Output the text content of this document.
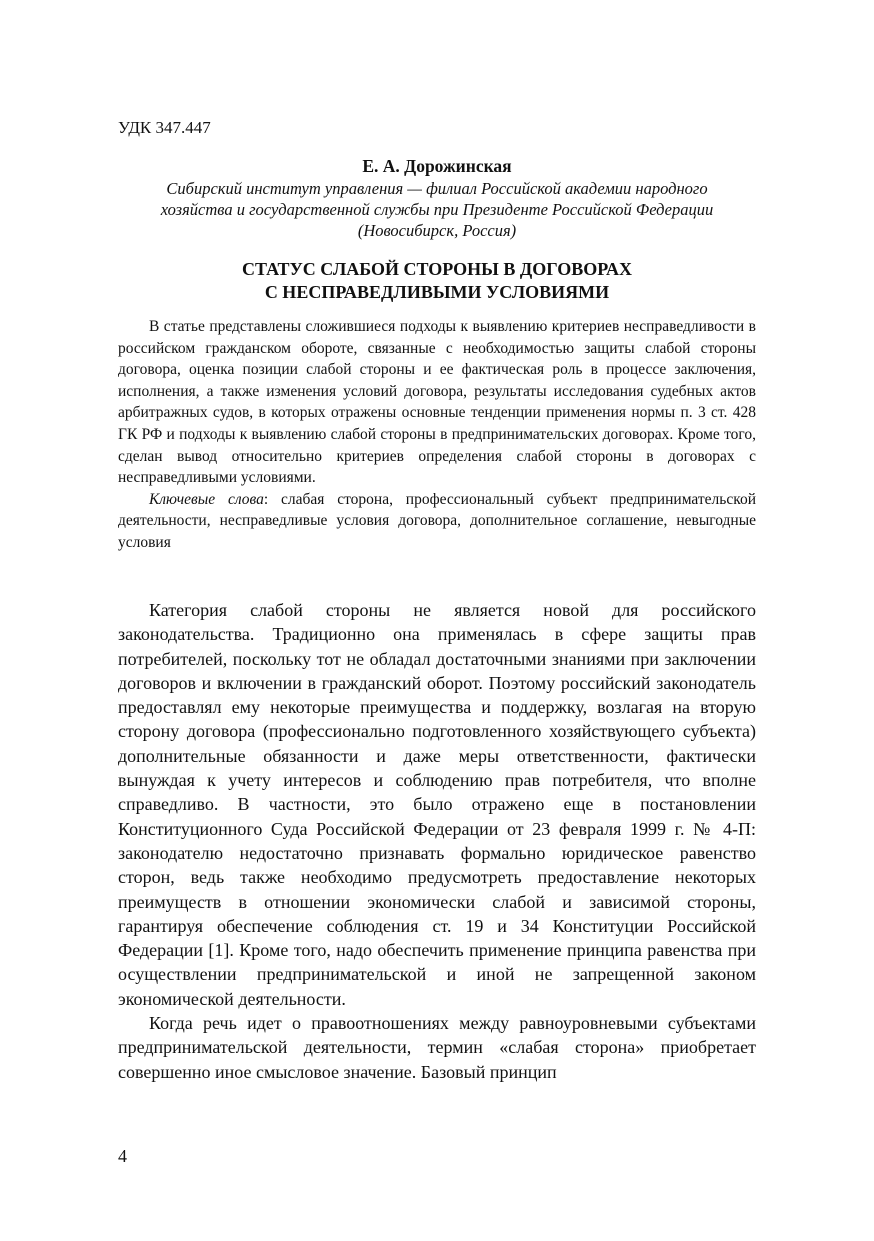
УДК 347.447
Е. А. Дорожинская
Сибирский институт управления — филиал Российской академии народного
хозяйства и государственной службы при Президенте Российской Федерации
(Новосибирск, Россия)
СТАТУС СЛАБОЙ СТОРОНЫ В ДОГОВОРАХ
С НЕСПРАВЕДЛИВЫМИ УСЛОВИЯМИ

В статье представлены сложившиеся подходы к выявлению критериев несправедливости в российском гражданском обороте, связанные с необходимостью защиты слабой стороны договора, оценка позиции слабой стороны и ее фактическая роль в процессе заключения, исполнения, а также изменения условий договора, результаты исследования судебных актов арбитражных судов, в которых отражены основные тенденции применения нормы п. 3 ст. 428 ГК РФ и подходы к выявлению слабой стороны в предпринимательских договорах. Кроме того, сделан вывод относительно критериев определения слабой стороны в договорах с несправедливыми условиями.

Ключевые слова: слабая сторона, профессиональный субъект предпринимательской деятельности, несправедливые условия договора, дополнительное соглашение, невыгодные условия

Категория слабой стороны не является новой для российского законодательства. Традиционно она применялась в сфере защиты прав потребителей, поскольку тот не обладал достаточными знаниями при заключении договоров и включении в гражданский оборот. Поэтому российский законодатель предоставлял ему некоторые преимущества и поддержку, возлагая на вторую сторону договора (профессионально подготовленного хозяйствующего субъекта) дополнительные обязанности и даже меры ответственности, фактически вынуждая к учету интересов и соблюдению прав потребителя, что вполне справедливо. В частности, это было отражено еще в постановлении Конституционного Суда Российской Федерации от 23 февраля 1999 г. № 4-П: законодателю недостаточно признавать формально юридическое равенство сторон, ведь также необходимо предусмотреть предоставление некоторых преимуществ в отношении экономически слабой и зависимой стороны, гарантируя обеспечение соблюдения ст. 19 и 34 Конституции Российской Федерации [1]. Кроме того, надо обеспечить применение принципа равенства при осуществлении предпринимательской и иной не запрещенной законом экономической деятельности.

Когда речь идет о правоотношениях между равноуровневыми субъектами предпринимательской деятельности, термин «слабая сторона» приобретает совершенно иное смысловое значение. Базовый принцип

4
